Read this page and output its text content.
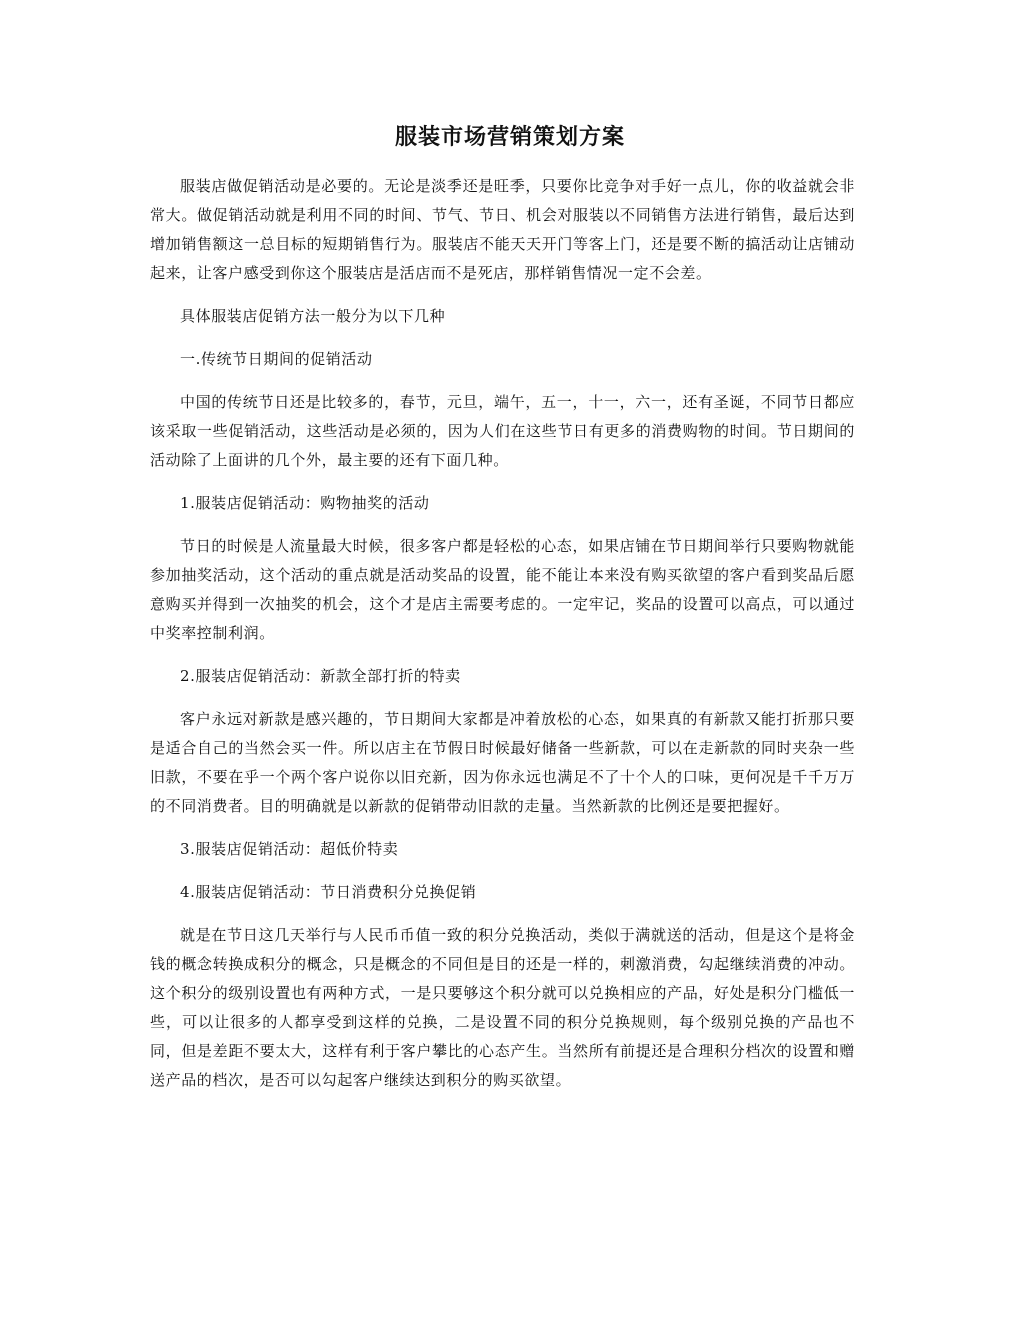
服装市场营销策划方案

服装店做促销活动是必要的。无论是淡季还是旺季，只要你比竞争对手好一点儿，你的收益就会非常大。做促销活动就是利用不同的时间、节气、节日、机会对服装以不同销售方法进行销售，最后达到增加销售额这一总目标的短期销售行为。服装店不能天天开门等客上门，还是要不断的搞活动让店铺动起来，让客户感受到你这个服装店是活店而不是死店，那样销售情况一定不会差。

具体服装店促销方法一般分为以下几种

一.传统节日期间的促销活动

中国的传统节日还是比较多的，春节，元旦，端午，五一，十一，六一，还有圣诞，不同节日都应该采取一些促销活动，这些活动是必须的，因为人们在这些节日有更多的消费购物的时间。节日期间的活动除了上面讲的几个外，最主要的还有下面几种。

1.服装店促销活动：购物抽奖的活动

节日的时候是人流量最大时候，很多客户都是轻松的心态，如果店铺在节日期间举行只要购物就能参加抽奖活动，这个活动的重点就是活动奖品的设置，能不能让本来没有购买欲望的客户看到奖品后愿意购买并得到一次抽奖的机会，这个才是店主需要考虑的。一定牢记，奖品的设置可以高点，可以通过中奖率控制利润。

2.服装店促销活动：新款全部打折的特卖

客户永远对新款是感兴趣的，节日期间大家都是冲着放松的心态，如果真的有新款又能打折那只要是适合自己的当然会买一件。所以店主在节假日时候最好储备一些新款，可以在走新款的同时夹杂一些旧款，不要在乎一个两个客户说你以旧充新，因为你永远也满足不了十个人的口味，更何况是千千万万的不同消费者。目的明确就是以新款的促销带动旧款的走量。当然新款的比例还是要把握好。

3.服装店促销活动：超低价特卖

4.服装店促销活动：节日消费积分兑换促销

就是在节日这几天举行与人民币币值一致的积分兑换活动，类似于满就送的活动，但是这个是将金钱的概念转换成积分的概念，只是概念的不同但是目的还是一样的，刺激消费，勾起继续消费的冲动。这个积分的级别设置也有两种方式，一是只要够这个积分就可以兑换相应的产品，好处是积分门槛低一些，可以让很多的人都享受到这样的兑换，二是设置不同的积分兑换规则，每个级别兑换的产品也不同，但是差距不要太大，这样有利于客户攀比的心态产生。当然所有前提还是合理积分档次的设置和赠送产品的档次，是否可以勾起客户继续达到积分的购买欲望。
